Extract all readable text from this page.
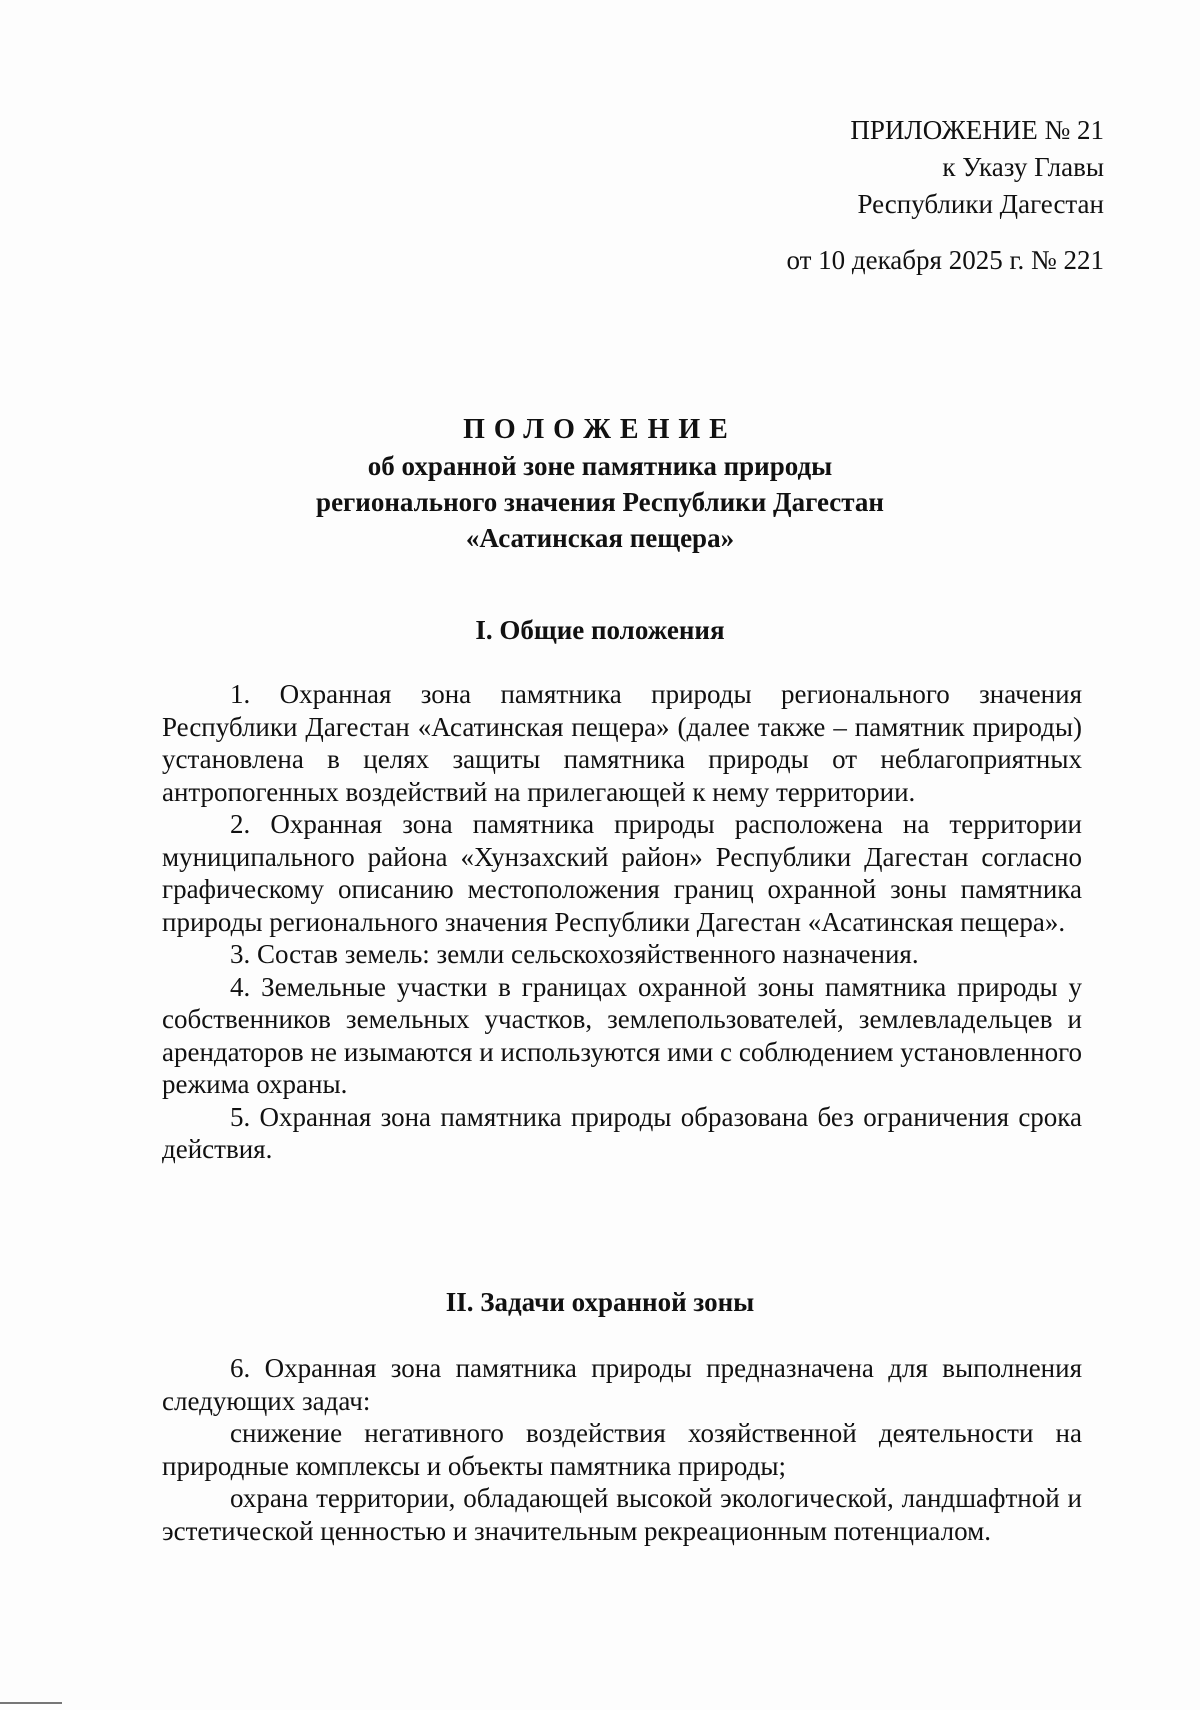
ПРИЛОЖЕНИЕ № 21
к Указу Главы
Республики Дагестан
от 10 декабря 2025 г. № 221
ПОЛОЖЕНИЕ
об охранной зоне памятника природы
регионального значения Республики Дагестан
«Асатинская пещера»
I. Общие положения

1. Охранная зона памятника природы регионального значения Республики Дагестан «Асатинская пещера» (далее также – памятник природы) установлена в целях защиты памятника природы от неблагоприятных антропогенных воздействий на прилегающей к нему территории.

2. Охранная зона памятника природы расположена на территории муниципального района «Хунзахский район» Республики Дагестан согласно графическому описанию местоположения границ охранной зоны памятника природы регионального значения Республики Дагестан «Асатинская пещера».

3. Состав земель: земли сельскохозяйственного назначения.

4. Земельные участки в границах охранной зоны памятника природы у собственников земельных участков, землепользователей, землевладельцев и арендаторов не изымаются и используются ими с соблюдением установленного режима охраны.

5. Охранная зона памятника природы образована без ограничения срока действия.

II. Задачи охранной зоны

6. Охранная зона памятника природы предназначена для выполнения следующих задач:

снижение негативного воздействия хозяйственной деятельности на природные комплексы и объекты памятника природы;

охрана территории, обладающей высокой экологической, ландшафтной и эстетической ценностью и значительным рекреационным потенциалом.
